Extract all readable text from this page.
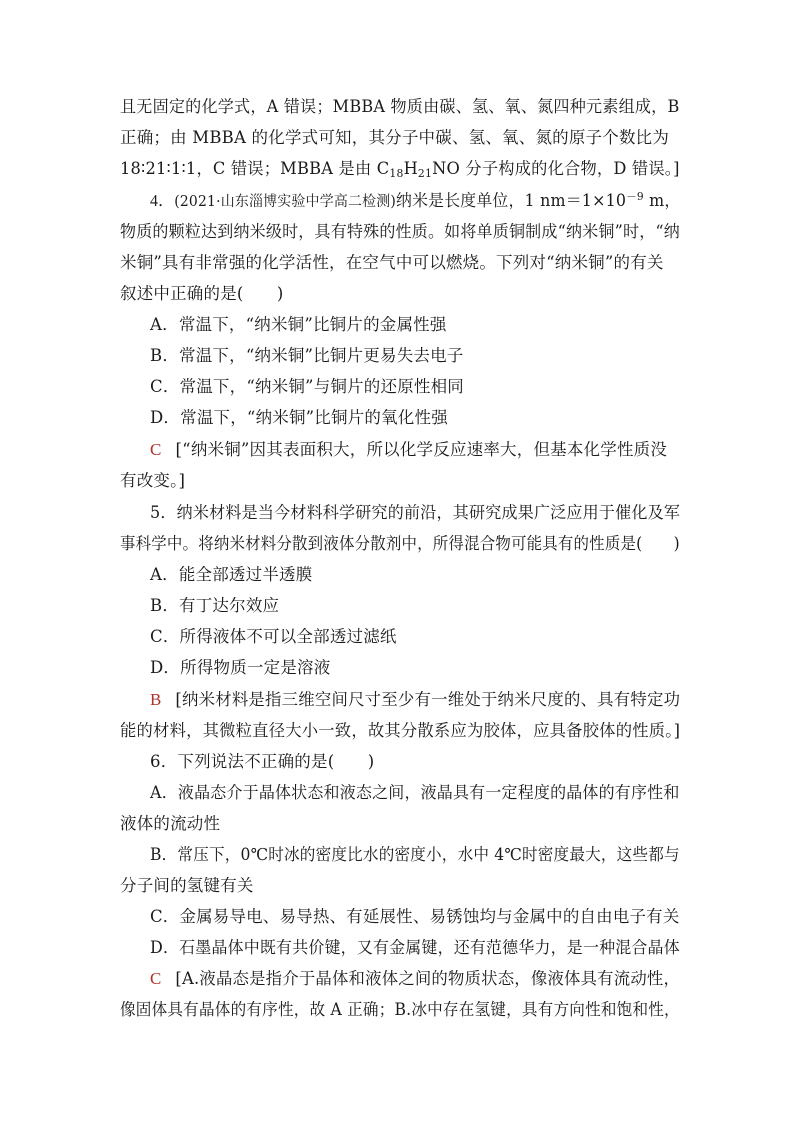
且无固定的化学式，A 错误；MBBA 物质由碳、氢、氧、氮四种元素组成，B
正确；由 MBBA 的化学式可知，其分子中碳、氢、氧、氮的原子个数比为
18∶21∶1∶1，C 错误；MBBA 是由 $C_{18}H_{21}NO$ 分子构成的化合物，D 错误。]
4．(2021·山东淄博实验中学高二检测)纳米是长度单位，1 $nm=1\times 10^{-9}$ m，
物质的颗粒达到纳米级时，具有特殊的性质。如将单质铜制成“纳米铜”时，“纳
米铜”具有非常强的化学活性，在空气中可以燃烧。下列对“纳米铜”的有关
叙述中正确的是(　　)
A．常温下，“纳米铜”比铜片的金属性强
B．常温下，“纳米铜”比铜片更易失去电子
C．常温下，“纳米铜”与铜片的还原性相同
D．常温下，“纳米铜”比铜片的氧化性强
C [“纳米铜”因其表面积大，所以化学反应速率大，但基本化学性质没
有改变。]
5．纳米材料是当今材料科学研究的前沿，其研究成果广泛应用于催化及军
事科学中。将纳米材料分散到液体分散剂中，所得混合物可能具有的性质是(　　)
A．能全部透过半透膜
B．有丁达尔效应
C．所得液体不可以全部透过滤纸
D．所得物质一定是溶液
B [纳米材料是指三维空间尺寸至少有一维处于纳米尺度的、具有特定功
能的材料，其微粒直径大小一致，故其分散系应为胶体，应具备胶体的性质。]
6．下列说法不正确的是(　　)
A．液晶态介于晶体状态和液态之间，液晶具有一定程度的晶体的有序性和
液体的流动性
B．常压下，0℃时冰的密度比水的密度小，水中 4℃时密度最大，这些都与
分子间的氢键有关
C．金属易导电、易导热、有延展性、易锈蚀均与金属中的自由电子有关
D．石墨晶体中既有共价键，又有金属键，还有范德华力，是一种混合晶体
C [A.液晶态是指介于晶体和液体之间的物质状态，像液体具有流动性，
像固体具有晶体的有序性，故 A 正确；B.冰中存在氢键，具有方向性和饱和性，
